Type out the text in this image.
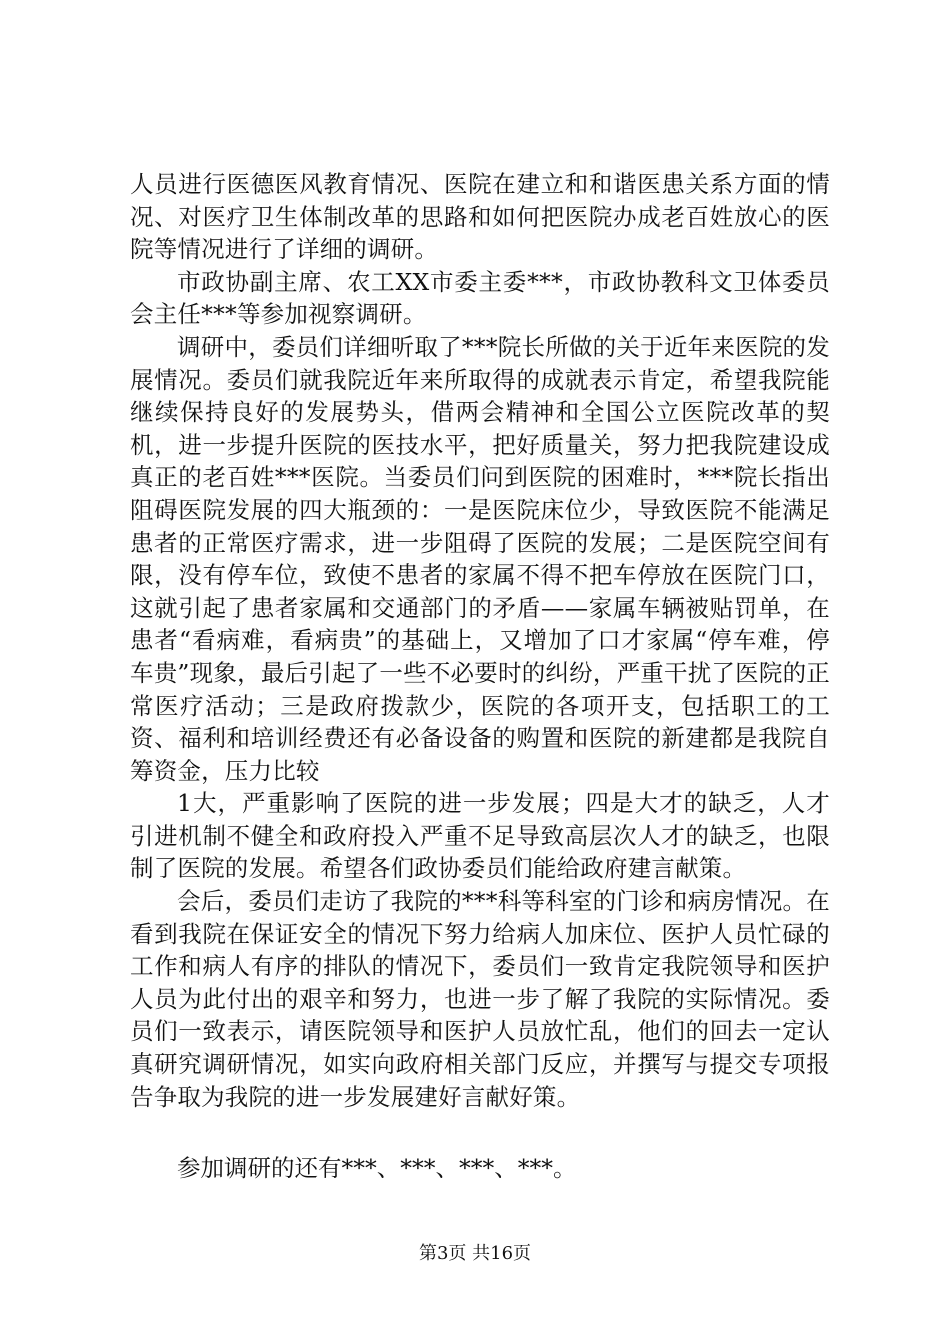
人员进行医德医风教育情况、医院在建立和和谐医患关系方面的情况、对医疗卫生体制改革的思路和如何把医院办成老百姓放心的医院等情况进行了详细的调研。

市政协副主席、农工XX市委主委***，市政协教科文卫体委员会主任***等参加视察调研。

调研中，委员们详细听取了***院长所做的关于近年来医院的发展情况。委员们就我院近年来所取得的成就表示肯定，希望我院能继续保持良好的发展势头，借两会精神和全国公立医院改革的契机，进一步提升医院的医技水平，把好质量关，努力把我院建设成真正的老百姓***医院。当委员们问到医院的困难时，***院长指出阻碍医院发展的四大瓶颈的：一是医院床位少，导致医院不能满足患者的正常医疗需求，进一步阻碍了医院的发展；二是医院空间有限，没有停车位，致使不患者的家属不得不把车停放在医院门口，这就引起了患者家属和交通部门的矛盾——家属车辆被贴罚单，在患者“看病难，看病贵”的基础上，又增加了口才家属“停车难，停车贵”现象，最后引起了一些不必要时的纠纷，严重干扰了医院的正常医疗活动；三是政府拨款少，医院的各项开支，包括职工的工资、福利和培训经费还有必备设备的购置和医院的新建都是我院自筹资金，压力比较

1大，严重影响了医院的进一步发展；四是大才的缺乏，人才引进机制不健全和政府投入严重不足导致高层次人才的缺乏，也限制了医院的发展。希望各们政协委员们能给政府建言献策。

会后，委员们走访了我院的***科等科室的门诊和病房情况。在看到我院在保证安全的情况下努力给病人加床位、医护人员忙碌的工作和病人有序的排队的情况下，委员们一致肯定我院领导和医护人员为此付出的艰辛和努力，也进一步了解了我院的实际情况。委员们一致表示，请医院领导和医护人员放忙乱，他们的回去一定认真研究调研情况，如实向政府相关部门反应，并撰写与提交专项报告争取为我院的进一步发展建好言献好策。

参加调研的还有***、***、***、***。

第3页 共16页
